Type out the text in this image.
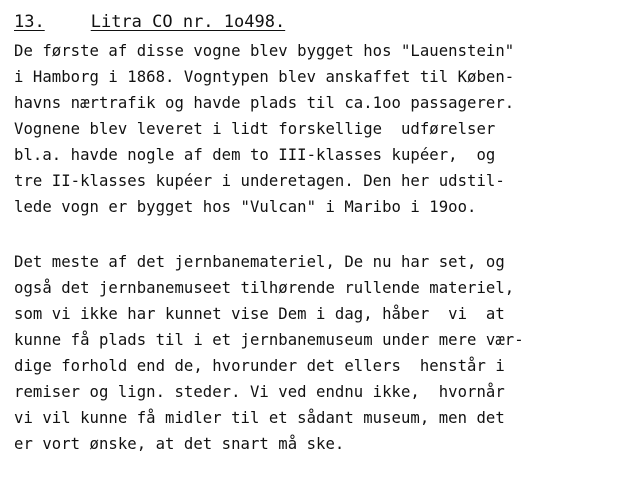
13.	Litra CO nr. 1o498.

De første af disse vogne blev bygget hos "Lauenstein"
i Hamborg i 1868. Vogntypen blev anskaffet til Køben-
havns nærtrafik og havde plads til ca.1oo passagerer.
Vognene blev leveret i lidt forskellige  udførelser
bl.a. havde nogle af dem to III-klasses kupéer,  og
tre II-klasses kupéer i underetagen. Den her udstil-
lede vogn er bygget hos "Vulcan" i Maribo i 19oo.

Det meste af det jernbanemateriel, De nu har set, og
også det jernbanemuseet tilhørende rullende materiel,
som vi ikke har kunnet vise Dem i dag, håber  vi  at
kunne få plads til i et jernbanemuseum under mere vær-
dige forhold end de, hvorunder det ellers  henstår i
remiser og lign. steder. Vi ved endnu ikke,  hvornår
vi vil kunne få midler til et sådant museum, men det
er vort ønske, at det snart må ske.
